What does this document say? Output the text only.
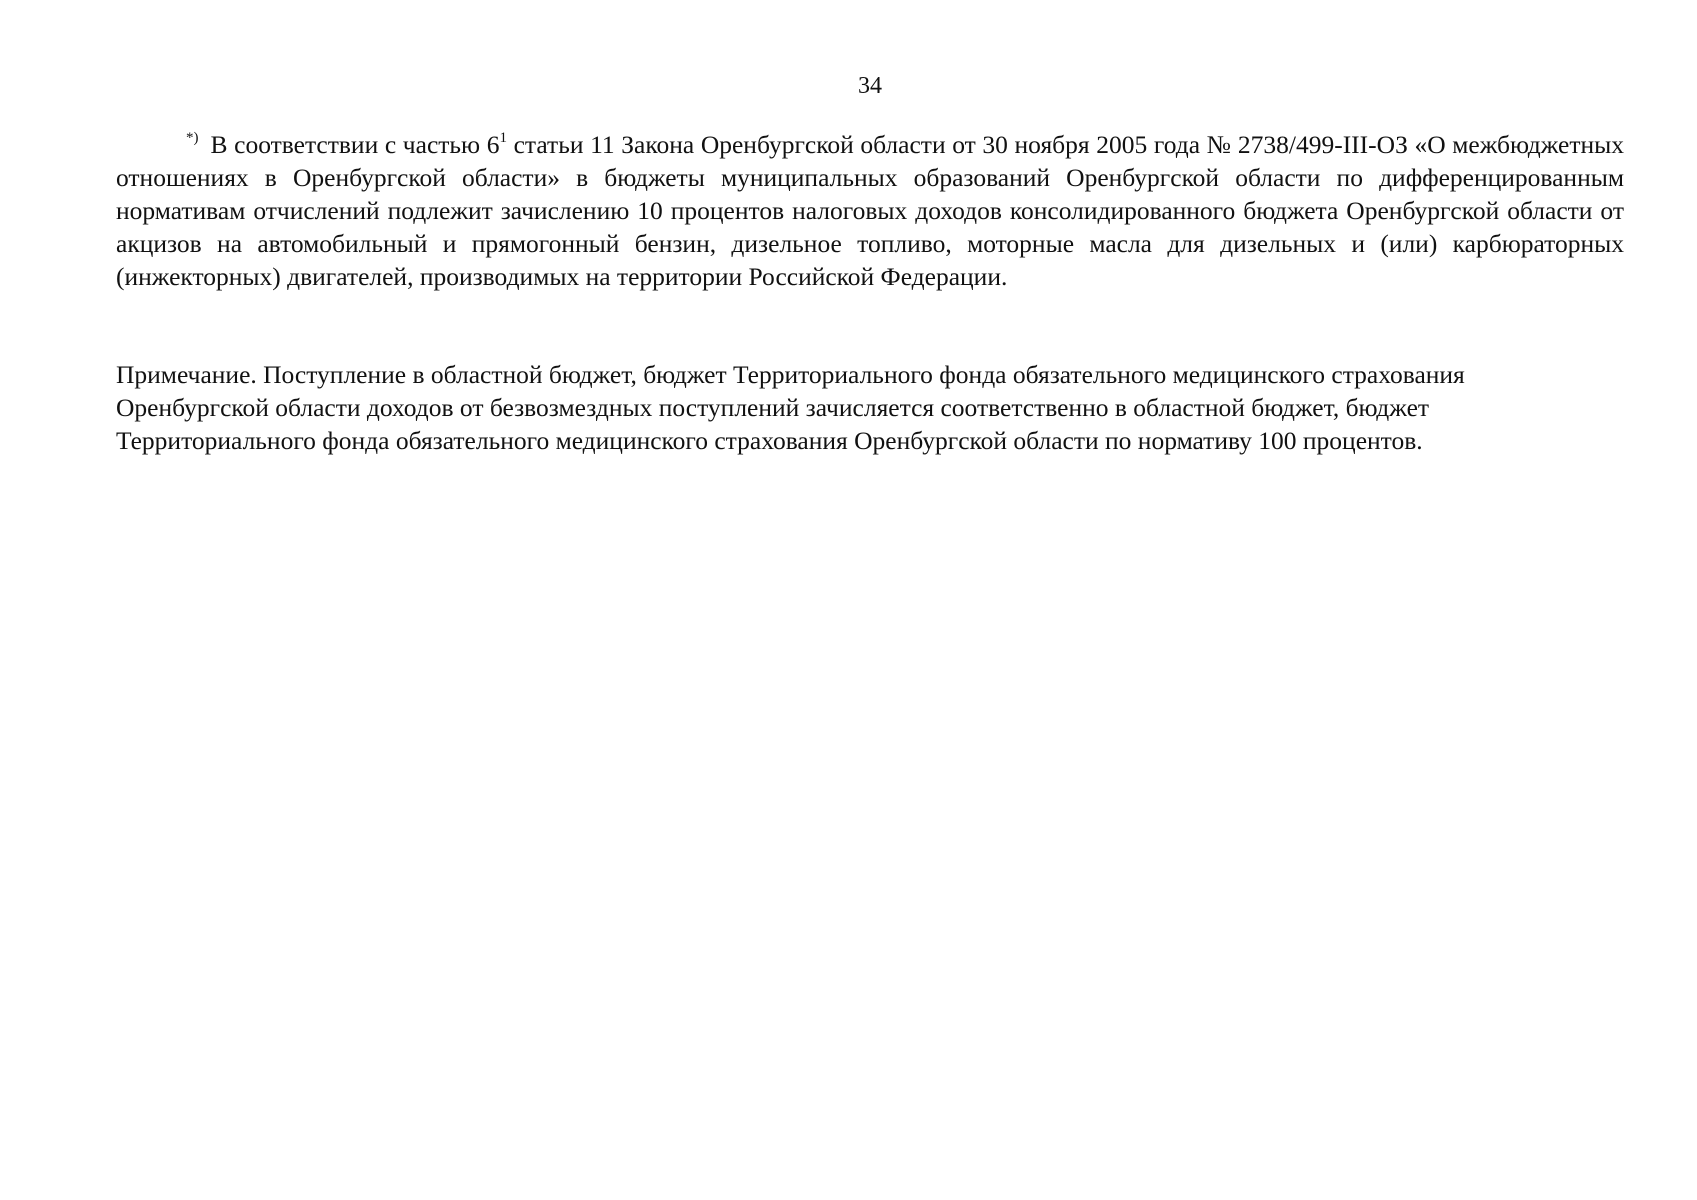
34

*) В соответствии с частью $6^1$ статьи 11 Закона Оренбургской области от 30 ноября 2005 года № 2738/499-III-ОЗ «О межбюджетных отношениях в Оренбургской области» в бюджеты муниципальных образований Оренбургской области по дифференцированным нормативам отчислений подлежит зачислению 10 процентов налоговых доходов консолидированного бюджета Оренбургской области от акцизов на автомобильный и прямогонный бензин, дизельное топливо, моторные масла для дизельных и (или) карбюраторных (инжекторных) двигателей, производимых на территории Российской Федерации.

Примечание. Поступление в областной бюджет, бюджет Территориального фонда обязательного медицинского страхования Оренбургской области доходов от безвозмездных поступлений зачисляется соответственно в областной бюджет, бюджет Территориального фонда обязательного медицинского страхования Оренбургской области по нормативу 100 процентов.
